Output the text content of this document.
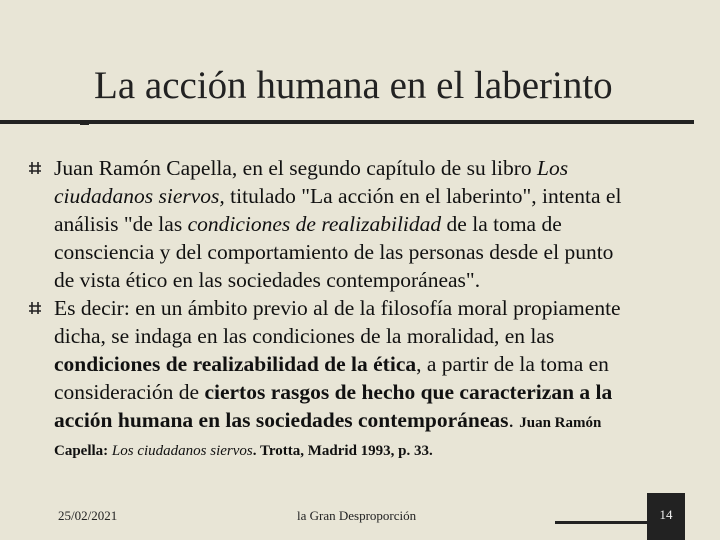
La acción humana en el laberinto
Juan Ramón Capella, en el segundo capítulo de su libro Los
ciudadanos siervos, titulado "La acción en el laberinto", intenta el
análisis "de las condiciones de realizabilidad de la toma de
consciencia y del comportamiento de las personas desde el punto
de vista ético en las sociedades contemporáneas".
Es decir: en un ámbito previo al de la filosofía moral propiamente
dicha, se indaga en las condiciones de la moralidad, en las
condiciones de realizabilidad de la ética, a partir de la toma en
consideración de ciertos rasgos de hecho que caracterizan a la
acción humana en las sociedades contemporáneas. Juan Ramón
Capella: Los ciudadanos siervos. Trotta, Madrid 1993, p. 33.
25/02/2021	la Gran Desproporción	14
